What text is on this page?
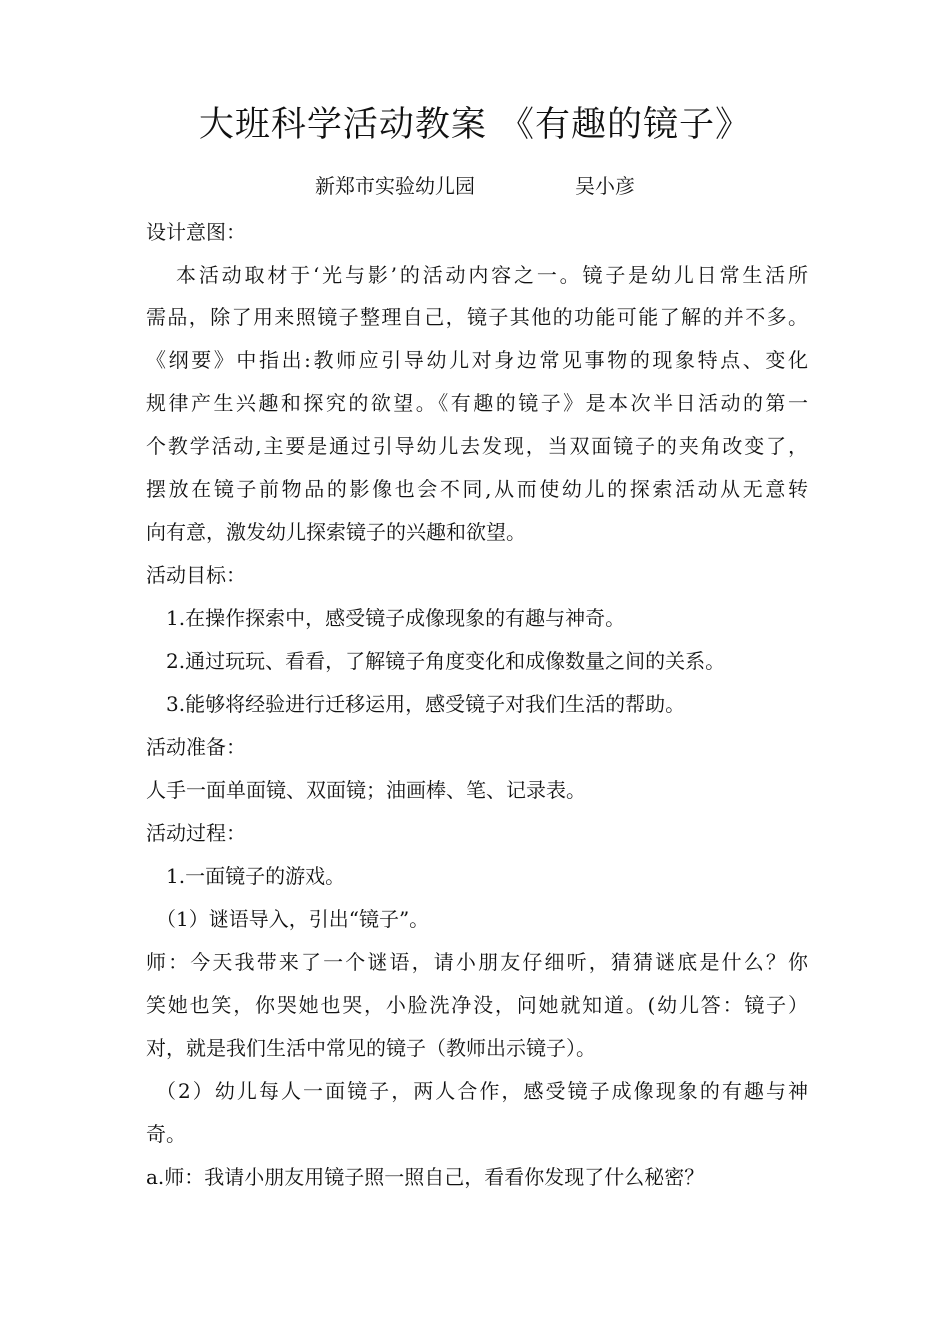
大班科学活动教案 《有趣的镜子》
新郑市实验幼儿园	吴小彦
设计意图：
本活动取材于‘光与影’的活动内容之一。镜子是幼儿日常生活所
需品，除了用来照镜子整理自己，镜子其他的功能可能了解的并不多。
《纲要》中指出:教师应引导幼儿对身边常见事物的现象特点、变化
规律产生兴趣和探究的欲望。《有趣的镜子》是本次半日活动的第一
个教学活动,主要是通过引导幼儿去发现，当双面镜子的夹角改变了，
摆放在镜子前物品的影像也会不同,从而使幼儿的探索活动从无意转
向有意，激发幼儿探索镜子的兴趣和欲望。
活动目标：
1.在操作探索中，感受镜子成像现象的有趣与神奇。
2.通过玩玩、看看，了解镜子角度变化和成像数量之间的关系。
3.能够将经验进行迁移运用，感受镜子对我们生活的帮助。
活动准备：
人手一面单面镜、双面镜；油画棒、笔、记录表。
活动过程：
1.一面镜子的游戏。
（1）谜语导入，引出“镜子”。
师：今天我带来了一个谜语，请小朋友仔细听，猜猜谜底是什么？你
笑她也笑，你哭她也哭，小脸洗净没，问她就知道。(幼儿答：镜子）
对，就是我们生活中常见的镜子（教师出示镜子）。
（2）幼儿每人一面镜子，两人合作，感受镜子成像现象的有趣与神
奇。
a.师：我请小朋友用镜子照一照自己，看看你发现了什么秘密？
